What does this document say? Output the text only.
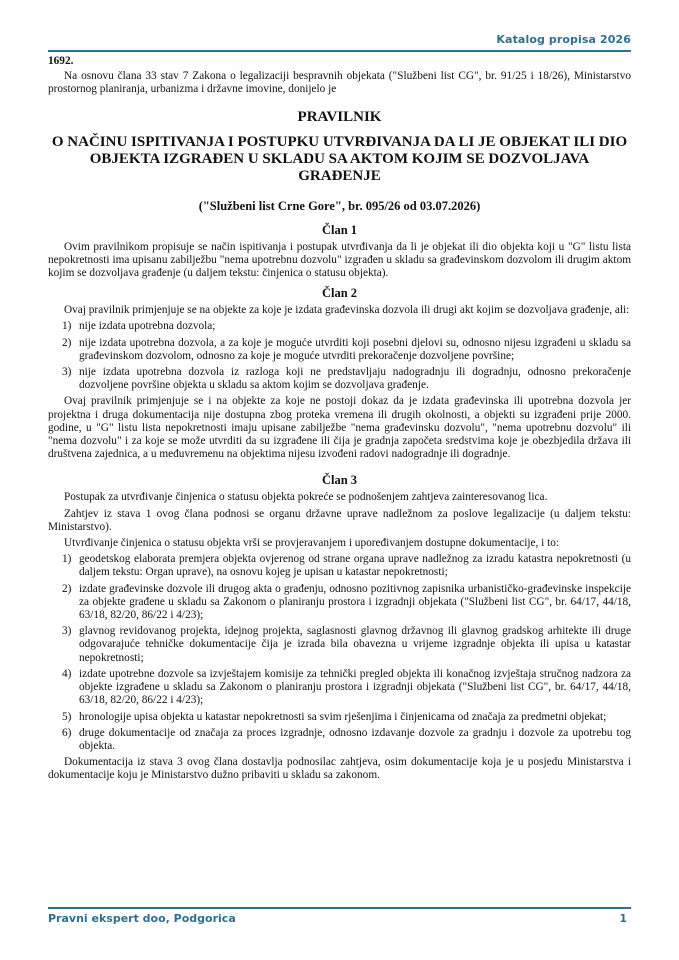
Katalog propisa 2026
1692.
Na osnovu člana 33 stav 7 Zakona o legalizaciji bespravnih objekata ("Službeni list CG", br. 91/25 i 18/26), Ministarstvo prostornog planiranja, urbanizma i državne imovine, donijelo je
PRAVILNIK
O NAČINU ISPITIVANJA I POSTUPKU UTVRĐIVANJA DA LI JE OBJEKAT ILI DIO OBJEKTA IZGRAĐEN U SKLADU SA AKTOM KOJIM SE DOZVOLJAVA GRAĐENJE
("Službeni list Crne Gore", br. 095/26 od 03.07.2026)
Član 1
Ovim pravilnikom propisuje se način ispitivanja i postupak utvrđivanja da li je objekat ili dio objekta koji u "G" listu lista nepokretnosti ima upisanu zabilježbu "nema upotrebnu dozvolu" izgrađen u skladu sa građevinskom dozvolom ili drugim aktom kojim se dozvoljava građenje (u daljem tekstu: činjenica o statusu objekta).
Član 2
Ovaj pravilnik primjenjuje se na objekte za koje je izdata građevinska dozvola ili drugi akt kojim se dozvoljava građenje, ali:
1) nije izdata upotrebna dozvola;
2) nije izdata upotrebna dozvola, a za koje je moguće utvrditi koji posebni djelovi su, odnosno nijesu izgrađeni u skladu sa građevinskom dozvolom, odnosno za koje je moguće utvrditi prekoračenje dozvoljene površine;
3) nije izdata upotrebna dozvola iz razloga koji ne predstavljaju nadogradnju ili dogradnju, odnosno prekoračenje dozvoljene površine objekta u skladu sa aktom kojim se dozvoljava građenje.
Ovaj pravilnik primjenjuje se i na objekte za koje ne postoji dokaz da je izdata građevinska ili upotrebna dozvola jer projektna i druga dokumentacija nije dostupna zbog proteka vremena ili drugih okolnosti, a objekti su izgrađeni prije 2000. godine, u "G" listu lista nepokretnosti imaju upisane zabilježbe "nema građevinsku dozvolu", "nema upotrebnu dozvolu" ili "nema dozvolu" i za koje se može utvrditi da su izgrađene ili čija je gradnja započeta sredstvima koje je obezbjedila država ili društvena zajednica, a u međuvremenu na objektima nijesu izvođeni radovi nadogradnje ili dogradnje.
Član 3
Postupak za utvrđivanje činjenica o statusu objekta pokreće se podnošenjem zahtjeva zainteresovanog lica.
Zahtjev iz stava 1 ovog člana podnosi se organu državne uprave nadležnom za poslove legalizacije (u daljem tekstu: Ministarstvo).
Utvrđivanje činjenica o statusu objekta vrši se provjeravanjem i upoređivanjem dostupne dokumentacije, i to:
1) geodetskog elaborata premjera objekta ovjerenog od strane organa uprave nadležnog za izradu katastra nepokretnosti (u daljem tekstu: Organ uprave), na osnovu kojeg je upisan u katastar nepokretnosti;
2) izdate građevinske dozvole ili drugog akta o građenju, odnosno pozitivnog zapisnika urbanističko-građevinske inspekcije za objekte građene u skladu sa Zakonom o planiranju prostora i izgradnji objekata ("Službeni list CG", br. 64/17, 44/18, 63/18, 82/20, 86/22 i 4/23);
3) glavnog revidovanog projekta, idejnog projekta, saglasnosti glavnog državnog ili glavnog gradskog arhitekte ili druge odgovarajuće tehničke dokumentacije čija je izrada bila obavezna u vrijeme izgradnje objekta ili upisa u katastar nepokretnosti;
4) izdate upotrebne dozvole sa izvještajem komisije za tehnički pregled objekta ili konačnog izvještaja stručnog nadzora za objekte izgrađene u skladu sa Zakonom o planiranju prostora i izgradnji objekata ("Službeni list CG", br. 64/17, 44/18, 63/18, 82/20, 86/22 i 4/23);
5) hronologije upisa objekta u katastar nepokretnosti sa svim rješenjima i činjenicama od značaja za predmetni objekat;
6) druge dokumentacije od značaja za proces izgradnje, odnosno izdavanje dozvole za gradnju i dozvole za upotrebu tog objekta.
Dokumentacija iz stava 3 ovog člana dostavlja podnosilac zahtjeva, osim dokumentacije koja je u posjedu Ministarstva i dokumentacije koju je Ministarstvo dužno pribaviti u skladu sa zakonom.
Pravni ekspert doo, Podgorica	1
